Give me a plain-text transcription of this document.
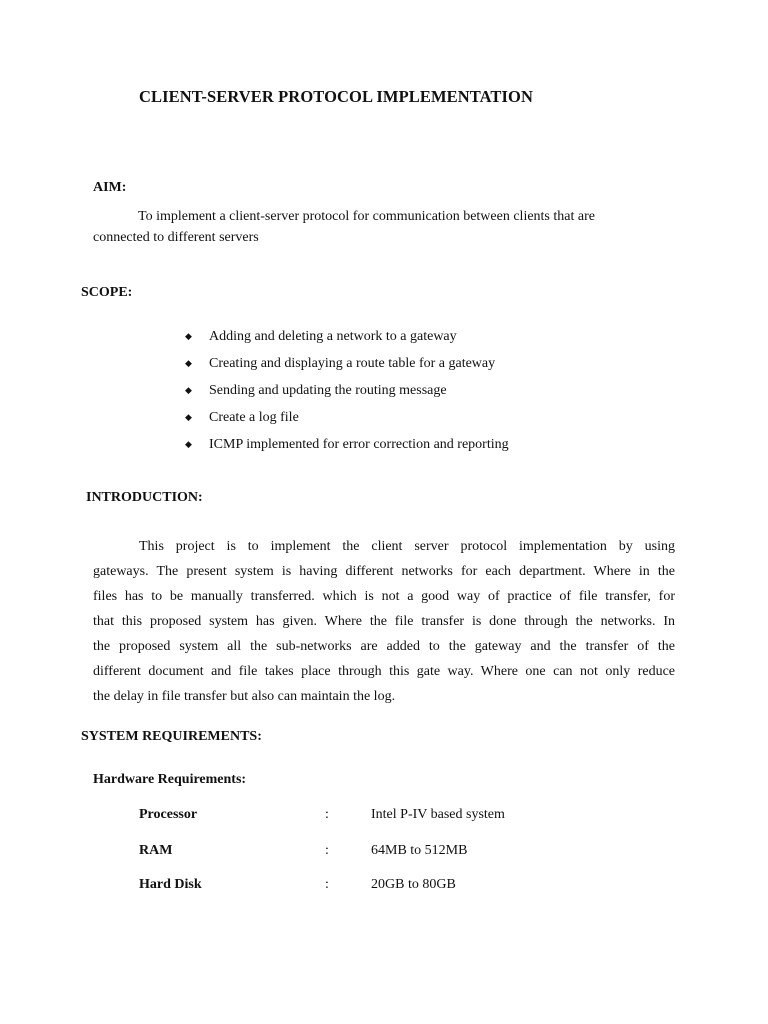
CLIENT-SERVER PROTOCOL IMPLEMENTATION
AIM:
To implement a client-server protocol for communication between clients that are
connected to different servers
SCOPE:
◆ Adding and deleting a network to a gateway
◆ Creating and displaying a route table for a gateway
◆ Sending and updating the routing message
◆ Create a log file
◆ ICMP implemented for error correction and reporting
INTRODUCTION:
This project is to implement the client server protocol implementation by using
gateways. The present system is having different networks for each department. Where in the
files has to be manually transferred. which is not a good way of practice of file transfer, for
that this proposed system has given. Where the file transfer is done through the networks. In
the proposed system all the sub-networks are added to the gateway and the transfer of the
different document and file takes place through this gate way. Where one can not only reduce
the delay in file transfer but also can maintain the log.
SYSTEM REQUIREMENTS:
Hardware Requirements:
Processor	:	Intel P-IV based system
RAM	:	64MB to 512MB
Hard Disk	:	20GB to 80GB
